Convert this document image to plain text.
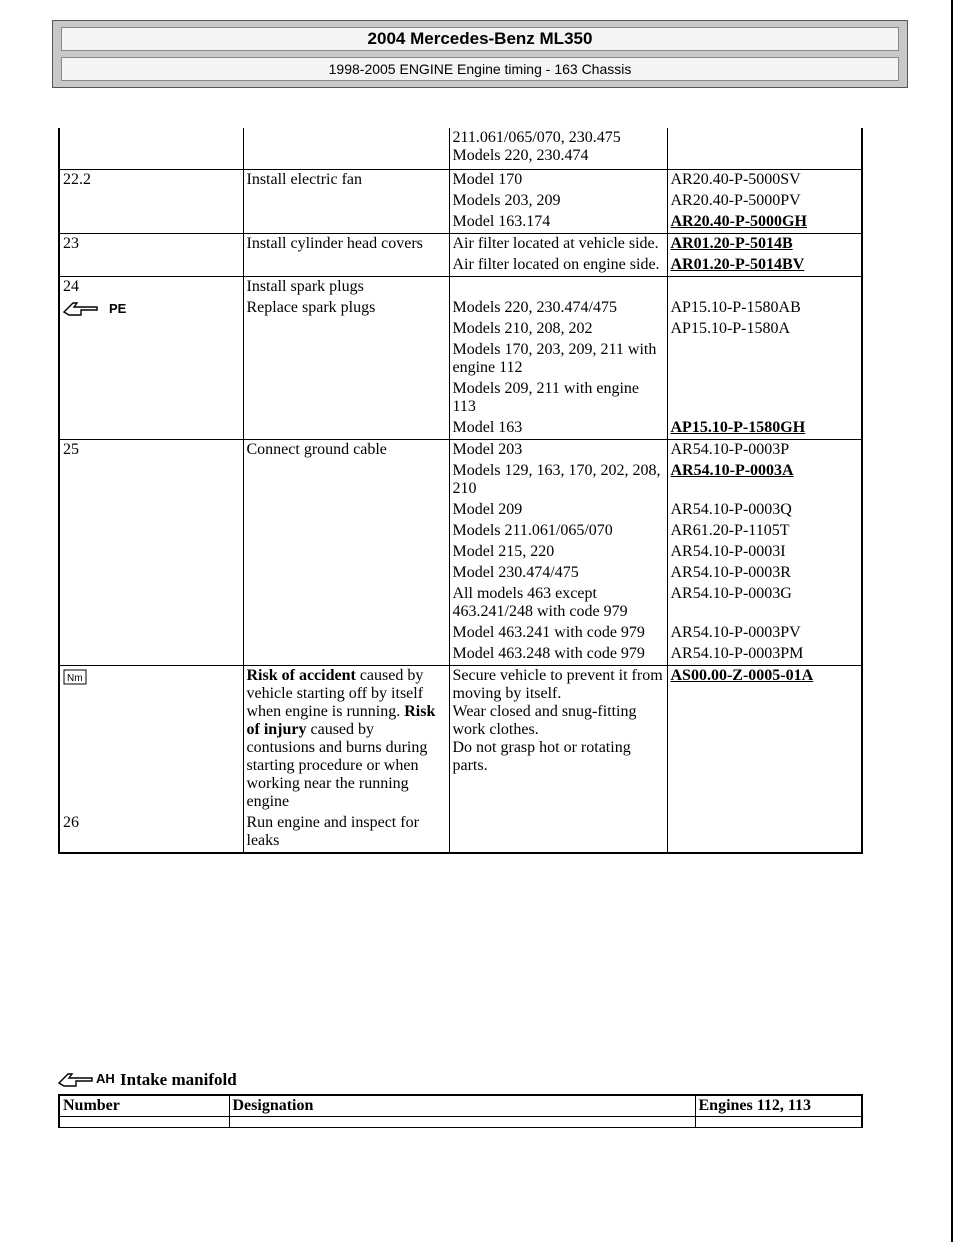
2004 Mercedes-Benz ML350
1998-2005 ENGINE Engine timing - 163 Chassis
		211.061/065/070, 230.475
Models 220, 230.474	
22.2	Install electric fan	Model 170	AR20.40-P-5000SV
		Models 203, 209	AR20.40-P-5000PV
		Model 163.174	AR20.40-P-5000GH
23	Install cylinder head covers	Air filter located at vehicle side.	AR01.20-P-5014B
		Air filter located on engine side.	AR01.20-P-5014BV
24	Install spark plugs		

PE	Replace spark plugs	Models 220, 230.474/475	AP15.10-P-1580AB
		Models 210, 208, 202	AP15.10-P-1580A
		Models 170, 203, 209, 211 with engine 112	
		Models 209, 211 with engine 113	
		Model 163	AP15.10-P-1580GH
25	Connect ground cable	Model 203	AR54.10-P-0003P
		Models 129, 163, 170, 202, 208, 210	AR54.10-P-0003A
		Model 209	AR54.10-P-0003Q
		Models 211.061/065/070	AR61.20-P-1105T
		Model 215, 220	AR54.10-P-0003I
		Model 230.474/475	AR54.10-P-0003R
		All models 463 except 463.241/248 with code 979	AR54.10-P-0003G
		Model 463.241 with code 979	AR54.10-P-0003PV
		Model 463.248 with code 979	AR54.10-P-0003PM

Nm	Risk of accident caused by vehicle starting off by itself when engine is running. Risk of injury caused by contusions and burns during starting procedure or when working near the running engine	Secure vehicle to prevent it from moving by itself.
Wear closed and snug-fitting work clothes.
Do not grasp hot or rotating parts.	AS00.00-Z-0005-01A
26	Run engine and inspect for leaks		
AH Intake manifold
Number	Designation	Engines 112, 113
